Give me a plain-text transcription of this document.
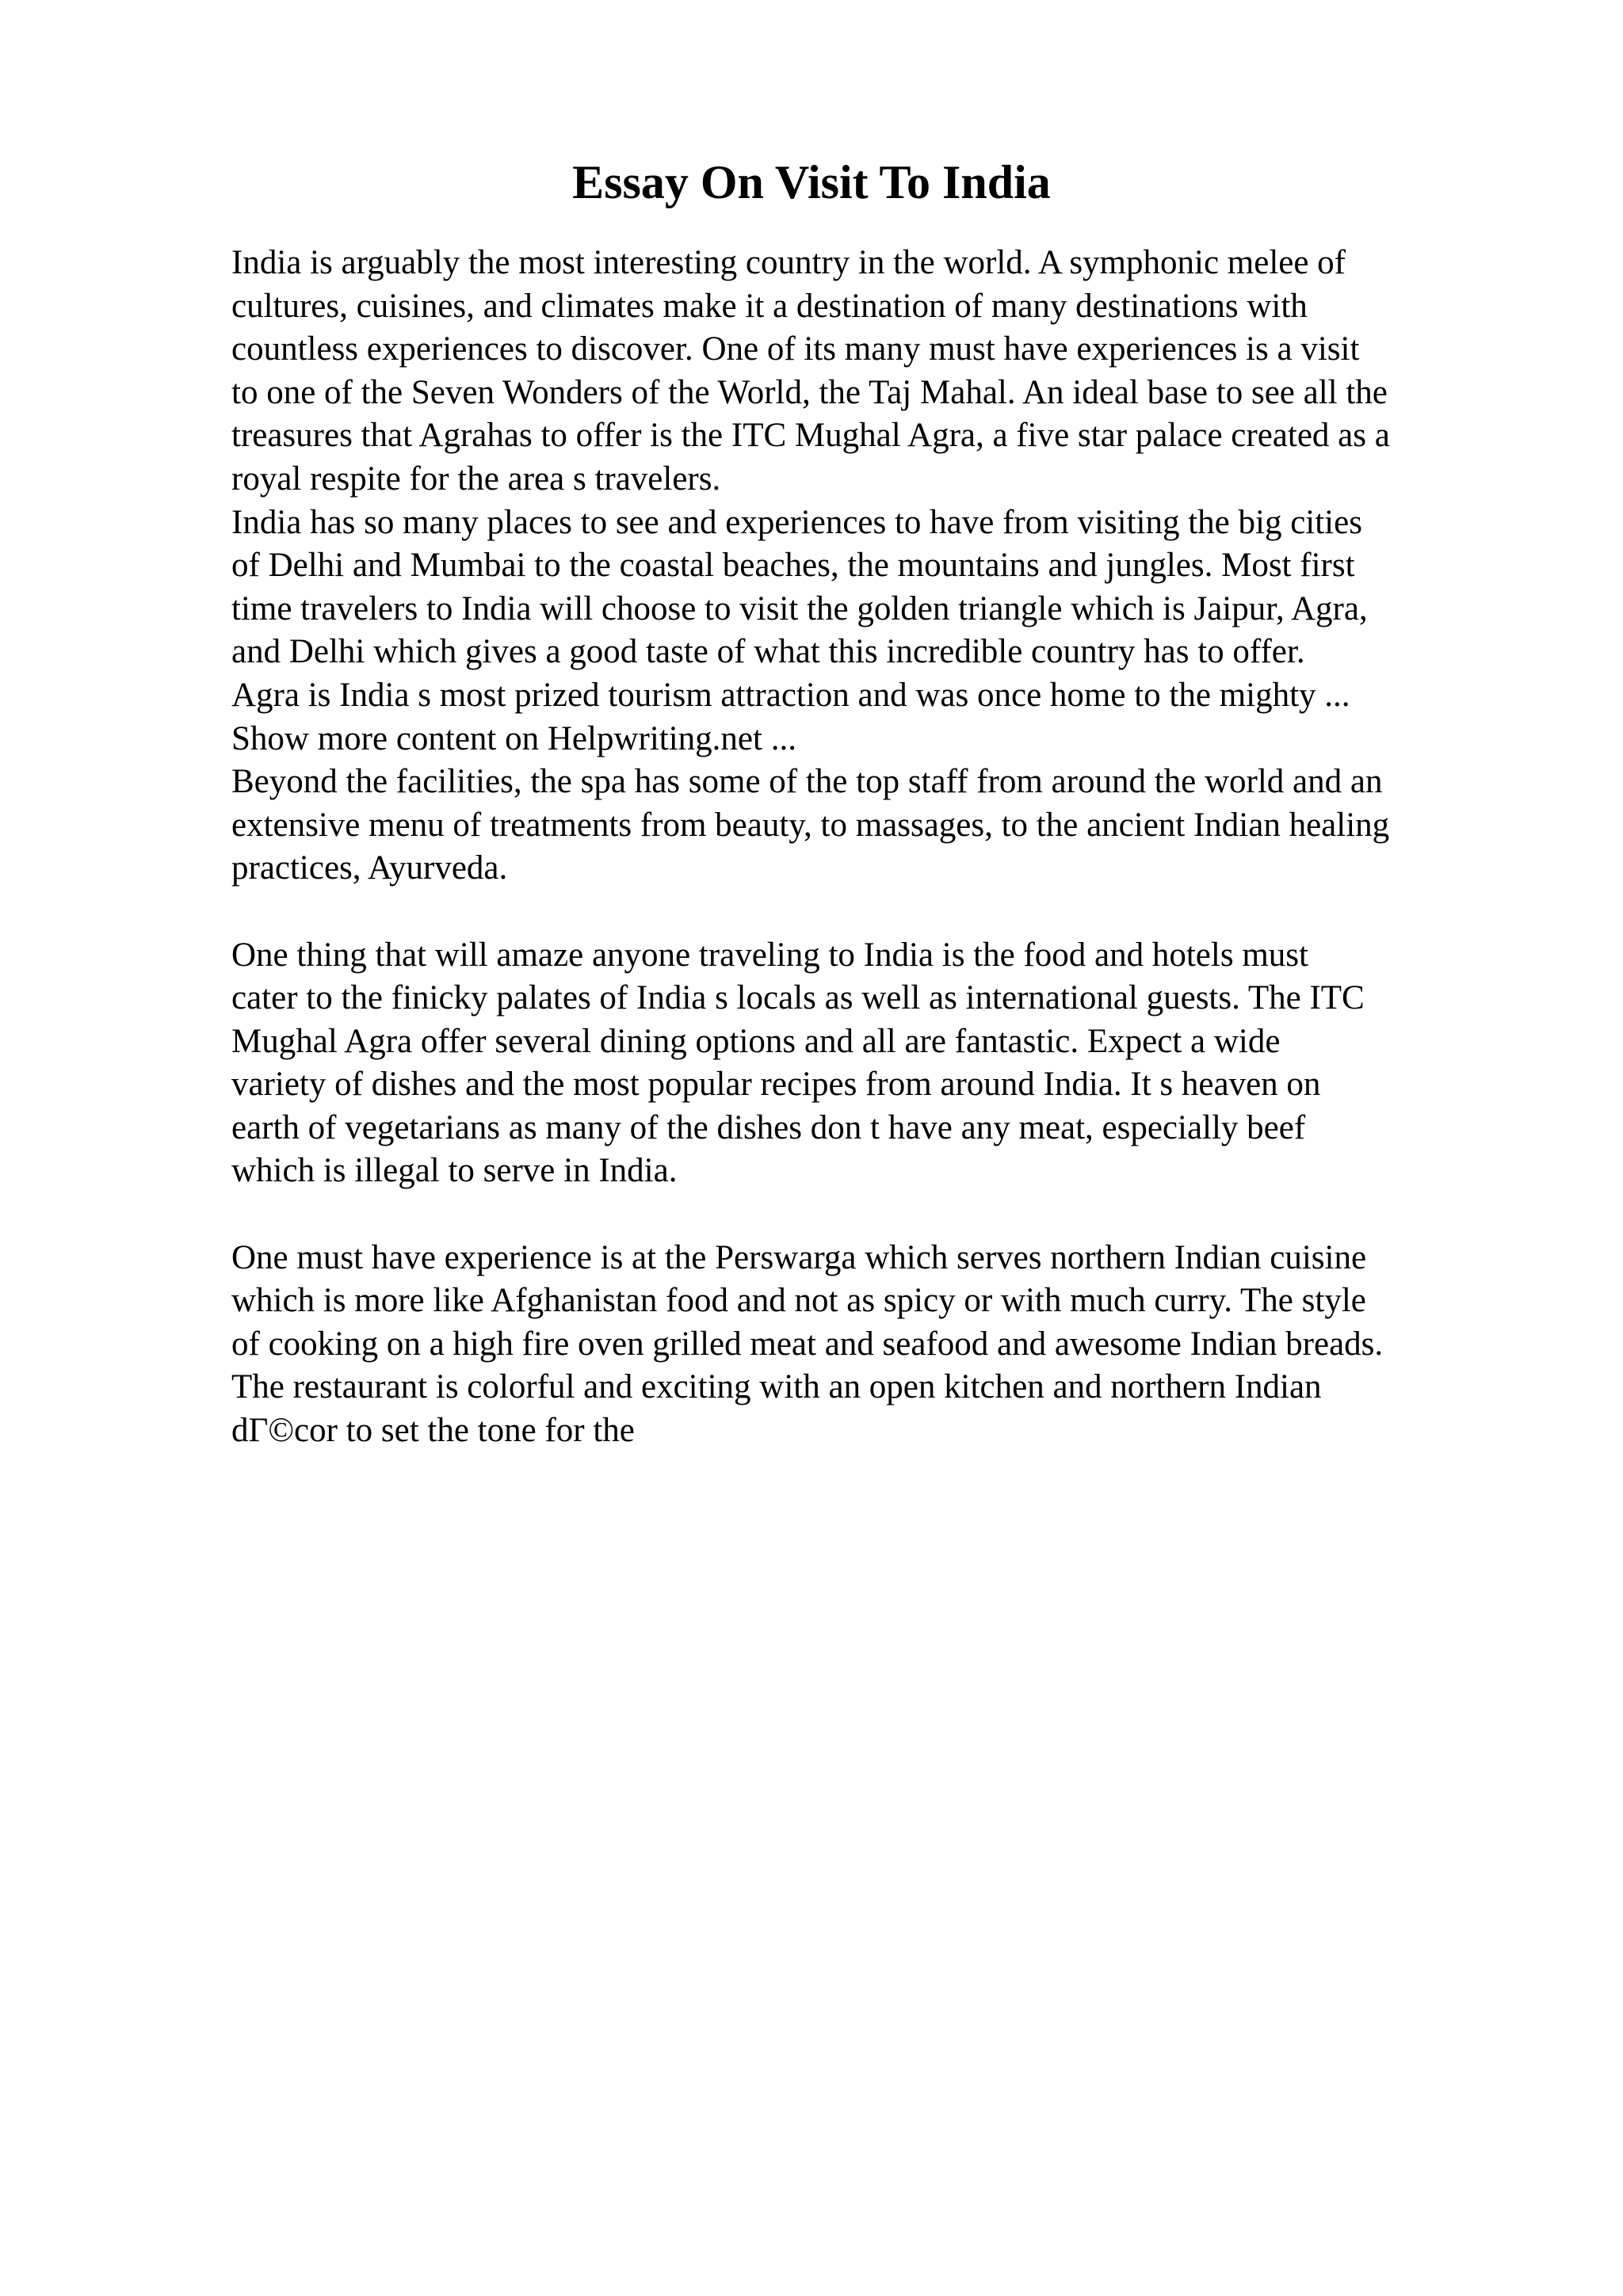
Essay On Visit To India
India is arguably the most interesting country in the world. A symphonic melee of
cultures, cuisines, and climates make it a destination of many destinations with
countless experiences to discover. One of its many must have experiences is a visit
to one of the Seven Wonders of the World, the Taj Mahal. An ideal base to see all the
treasures that Agrahas to offer is the ITC Mughal Agra, a five star palace created as a
royal respite for the area s travelers.
India has so many places to see and experiences to have from visiting the big cities
of Delhi and Mumbai to the coastal beaches, the mountains and jungles. Most first
time travelers to India will choose to visit the golden triangle which is Jaipur, Agra,
and Delhi which gives a good taste of what this incredible country has to offer.
Agra is India s most prized tourism attraction and was once home to the mighty ...
Show more content on Helpwriting.net ...
Beyond the facilities, the spa has some of the top staff from around the world and an
extensive menu of treatments from beauty, to massages, to the ancient Indian healing
practices, Ayurveda.
One thing that will amaze anyone traveling to India is the food and hotels must
cater to the finicky palates of India s locals as well as international guests. The ITC
Mughal Agra offer several dining options and all are fantastic. Expect a wide
variety of dishes and the most popular recipes from around India. It s heaven on
earth of vegetarians as many of the dishes don t have any meat, especially beef
which is illegal to serve in India.
One must have experience is at the Perswarga which serves northern Indian cuisine
which is more like Afghanistan food and not as spicy or with much curry. The style
of cooking on a high fire oven grilled meat and seafood and awesome Indian breads.
The restaurant is colorful and exciting with an open kitchen and northern Indian
dΓ©cor to set the tone for the
